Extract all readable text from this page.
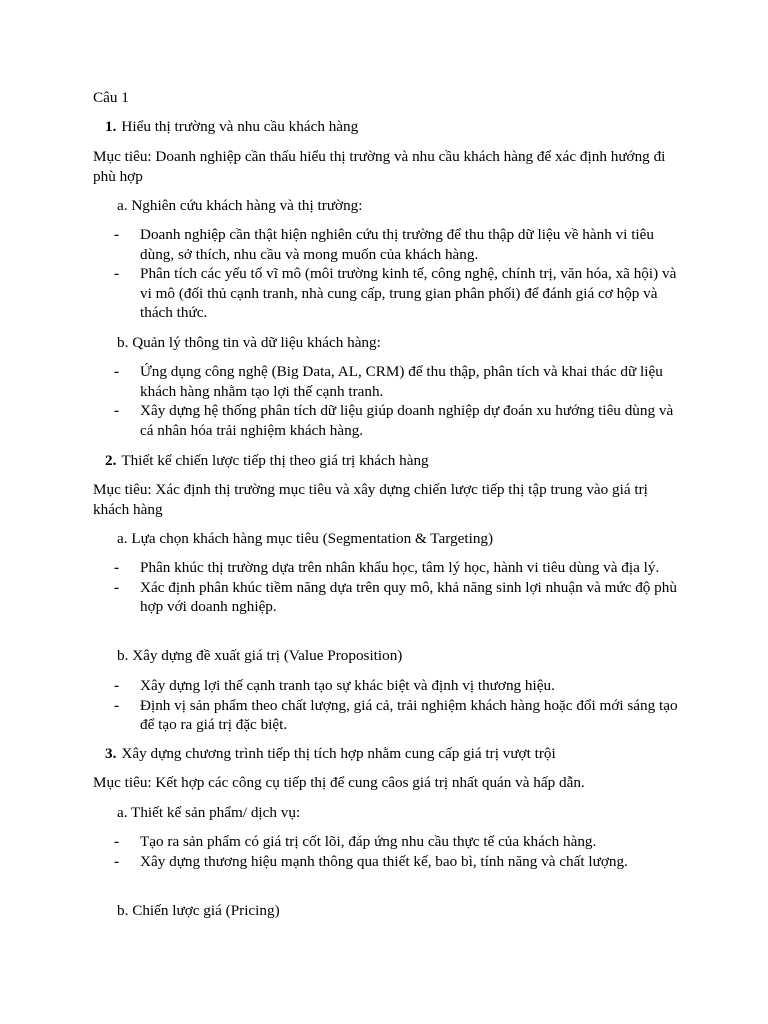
Câu 1
1. Hiểu thị trường và nhu cầu khách hàng
Mục tiêu: Doanh nghiệp cần thấu hiểu thị trường và nhu cầu khách hàng để xác định hướng đi phù hợp
a. Nghiên cứu khách hàng và thị trường:
- Doanh nghiệp cần thật hiện nghiên cứu thị trường để thu thập dữ liệu về hành vi tiêu dùng, sở thích, nhu cầu và mong muốn của khách hàng.
- Phân tích các yếu tố vĩ mô (môi trường kinh tế, công nghệ, chính trị, văn hóa, xã hội) và vi mô (đối thủ cạnh tranh, nhà cung cấp, trung gian phân phối) để đánh giá cơ hộp và thách thức.
b. Quản lý thông tin và dữ liệu khách hàng:
- Ứng dụng công nghệ (Big Data, AL, CRM) để thu thập, phân tích và khai thác dữ liệu khách hàng nhằm tạo lợi thế cạnh tranh.
- Xây dựng hệ thống phân tích dữ liệu giúp doanh nghiệp dự đoán xu hướng tiêu dùng và cá nhân hóa trải nghiệm khách hàng.
2. Thiết kế chiến lược tiếp thị theo giá trị khách hàng
Mục tiêu: Xác định thị trường mục tiêu và xây dựng chiến lược tiếp thị tập trung vào giá trị khách hàng
a. Lựa chọn khách hàng mục tiêu (Segmentation & Targeting)
- Phân khúc thị trường dựa trên nhân khẩu học, tâm lý học, hành vi tiêu dùng và địa lý.
- Xác định phân khúc tiềm năng dựa trên quy mô, khả năng sinh lợi nhuận và mức độ phù hợp với doanh nghiệp.
b. Xây dựng đề xuất giá trị (Value Proposition)
- Xây dựng lợi thế cạnh tranh tạo sự khác biệt và định vị thương hiệu.
- Định vị sản phẩm theo chất lượng, giá cả, trải nghiệm khách hàng hoặc đổi mới sáng tạo để tạo ra giá trị đặc biệt.
3. Xây dựng chương trình tiếp thị tích hợp nhằm cung cấp giá trị vượt trội
Mục tiêu: Kết hợp các công cụ tiếp thị để cung câos giá trị nhất quán và hấp dẫn.
a. Thiết kế sản phẩm/ dịch vụ:
- Tạo ra sản phẩm có giá trị cốt lõi, đáp ứng nhu cầu thực tế của khách hàng.
- Xây dựng thương hiệu mạnh thông qua thiết kế, bao bì, tính năng và chất lượng.
b. Chiến lược giá (Pricing)
